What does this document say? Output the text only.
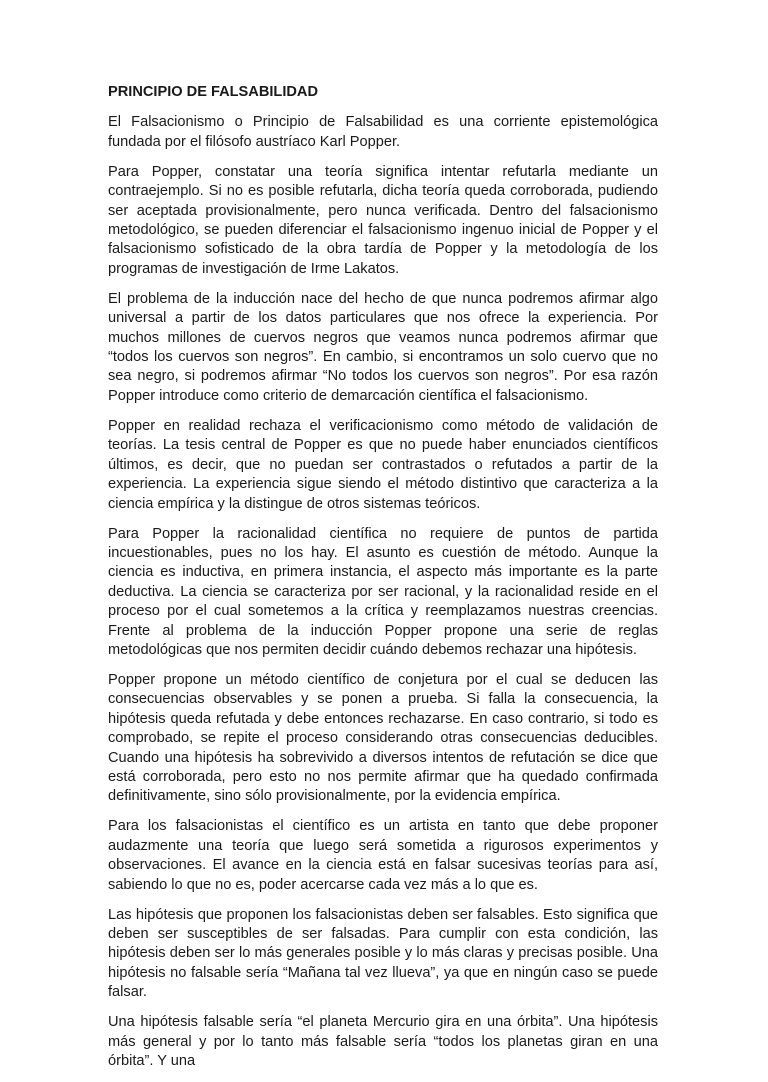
PRINCIPIO DE FALSABILIDAD

El Falsacionismo o Principio de Falsabilidad es una corriente epistemológica fundada por el filósofo austríaco Karl Popper.

Para Popper, constatar una teoría significa intentar refutarla mediante un contraejemplo. Si no es posible refutarla, dicha teoría queda corroborada, pudiendo ser aceptada provisionalmente, pero nunca verificada. Dentro del falsacionismo metodológico, se pueden diferenciar el falsacionismo ingenuo inicial de Popper y el falsacionismo sofisticado de la obra tardía de Popper y la metodología de los programas de investigación de Irme Lakatos.

El problema de la inducción nace del hecho de que nunca podremos afirmar algo universal a partir de los datos particulares que nos ofrece la experiencia. Por muchos millones de cuervos negros que veamos nunca podremos afirmar que “todos los cuervos son negros”. En cambio, si encontramos un solo cuervo que no sea negro, si podremos afirmar “No todos los cuervos son negros”. Por esa razón Popper introduce como criterio de demarcación científica el falsacionismo.

Popper en realidad rechaza el verificacionismo como método de validación de teorías. La tesis central de Popper es que no puede haber enunciados científicos últimos, es decir, que no puedan ser contrastados o refutados a partir de la experiencia. La experiencia sigue siendo el método distintivo que caracteriza a la ciencia empírica y la distingue de otros sistemas teóricos.

Para Popper la racionalidad científica no requiere de puntos de partida incuestionables, pues no los hay. El asunto es cuestión de método. Aunque la ciencia es inductiva, en primera instancia, el aspecto más importante es la parte deductiva. La ciencia se caracteriza por ser racional, y la racionalidad reside en el proceso por el cual sometemos a la crítica y reemplazamos nuestras creencias. Frente al problema de la inducción Popper propone una serie de reglas metodológicas que nos permiten decidir cuándo debemos rechazar una hipótesis.

Popper propone un método científico de conjetura por el cual se deducen las consecuencias observables y se ponen a prueba. Si falla la consecuencia, la hipótesis queda refutada y debe entonces rechazarse. En caso contrario, si todo es comprobado, se repite el proceso considerando otras consecuencias deducibles. Cuando una hipótesis ha sobrevivido a diversos intentos de refutación se dice que está corroborada, pero esto no nos permite afirmar que ha quedado confirmada definitivamente, sino sólo provisionalmente, por la evidencia empírica.

Para los falsacionistas el científico es un artista en tanto que debe proponer audazmente una teoría que luego será sometida a rigurosos experimentos y observaciones. El avance en la ciencia está en falsar sucesivas teorías para así, sabiendo lo que no es, poder acercarse cada vez más a lo que es.

Las hipótesis que proponen los falsacionistas deben ser falsables. Esto significa que deben ser susceptibles de ser falsadas. Para cumplir con esta condición, las hipótesis deben ser lo más generales posible y lo más claras y precisas posible. Una hipótesis no falsable sería “Mañana tal vez llueva”, ya que en ningún caso se puede falsar.

Una hipótesis falsable sería “el planeta Mercurio gira en una órbita”. Una hipótesis más general y por lo tanto más falsable sería “todos los planetas giran en una órbita”. Y una
